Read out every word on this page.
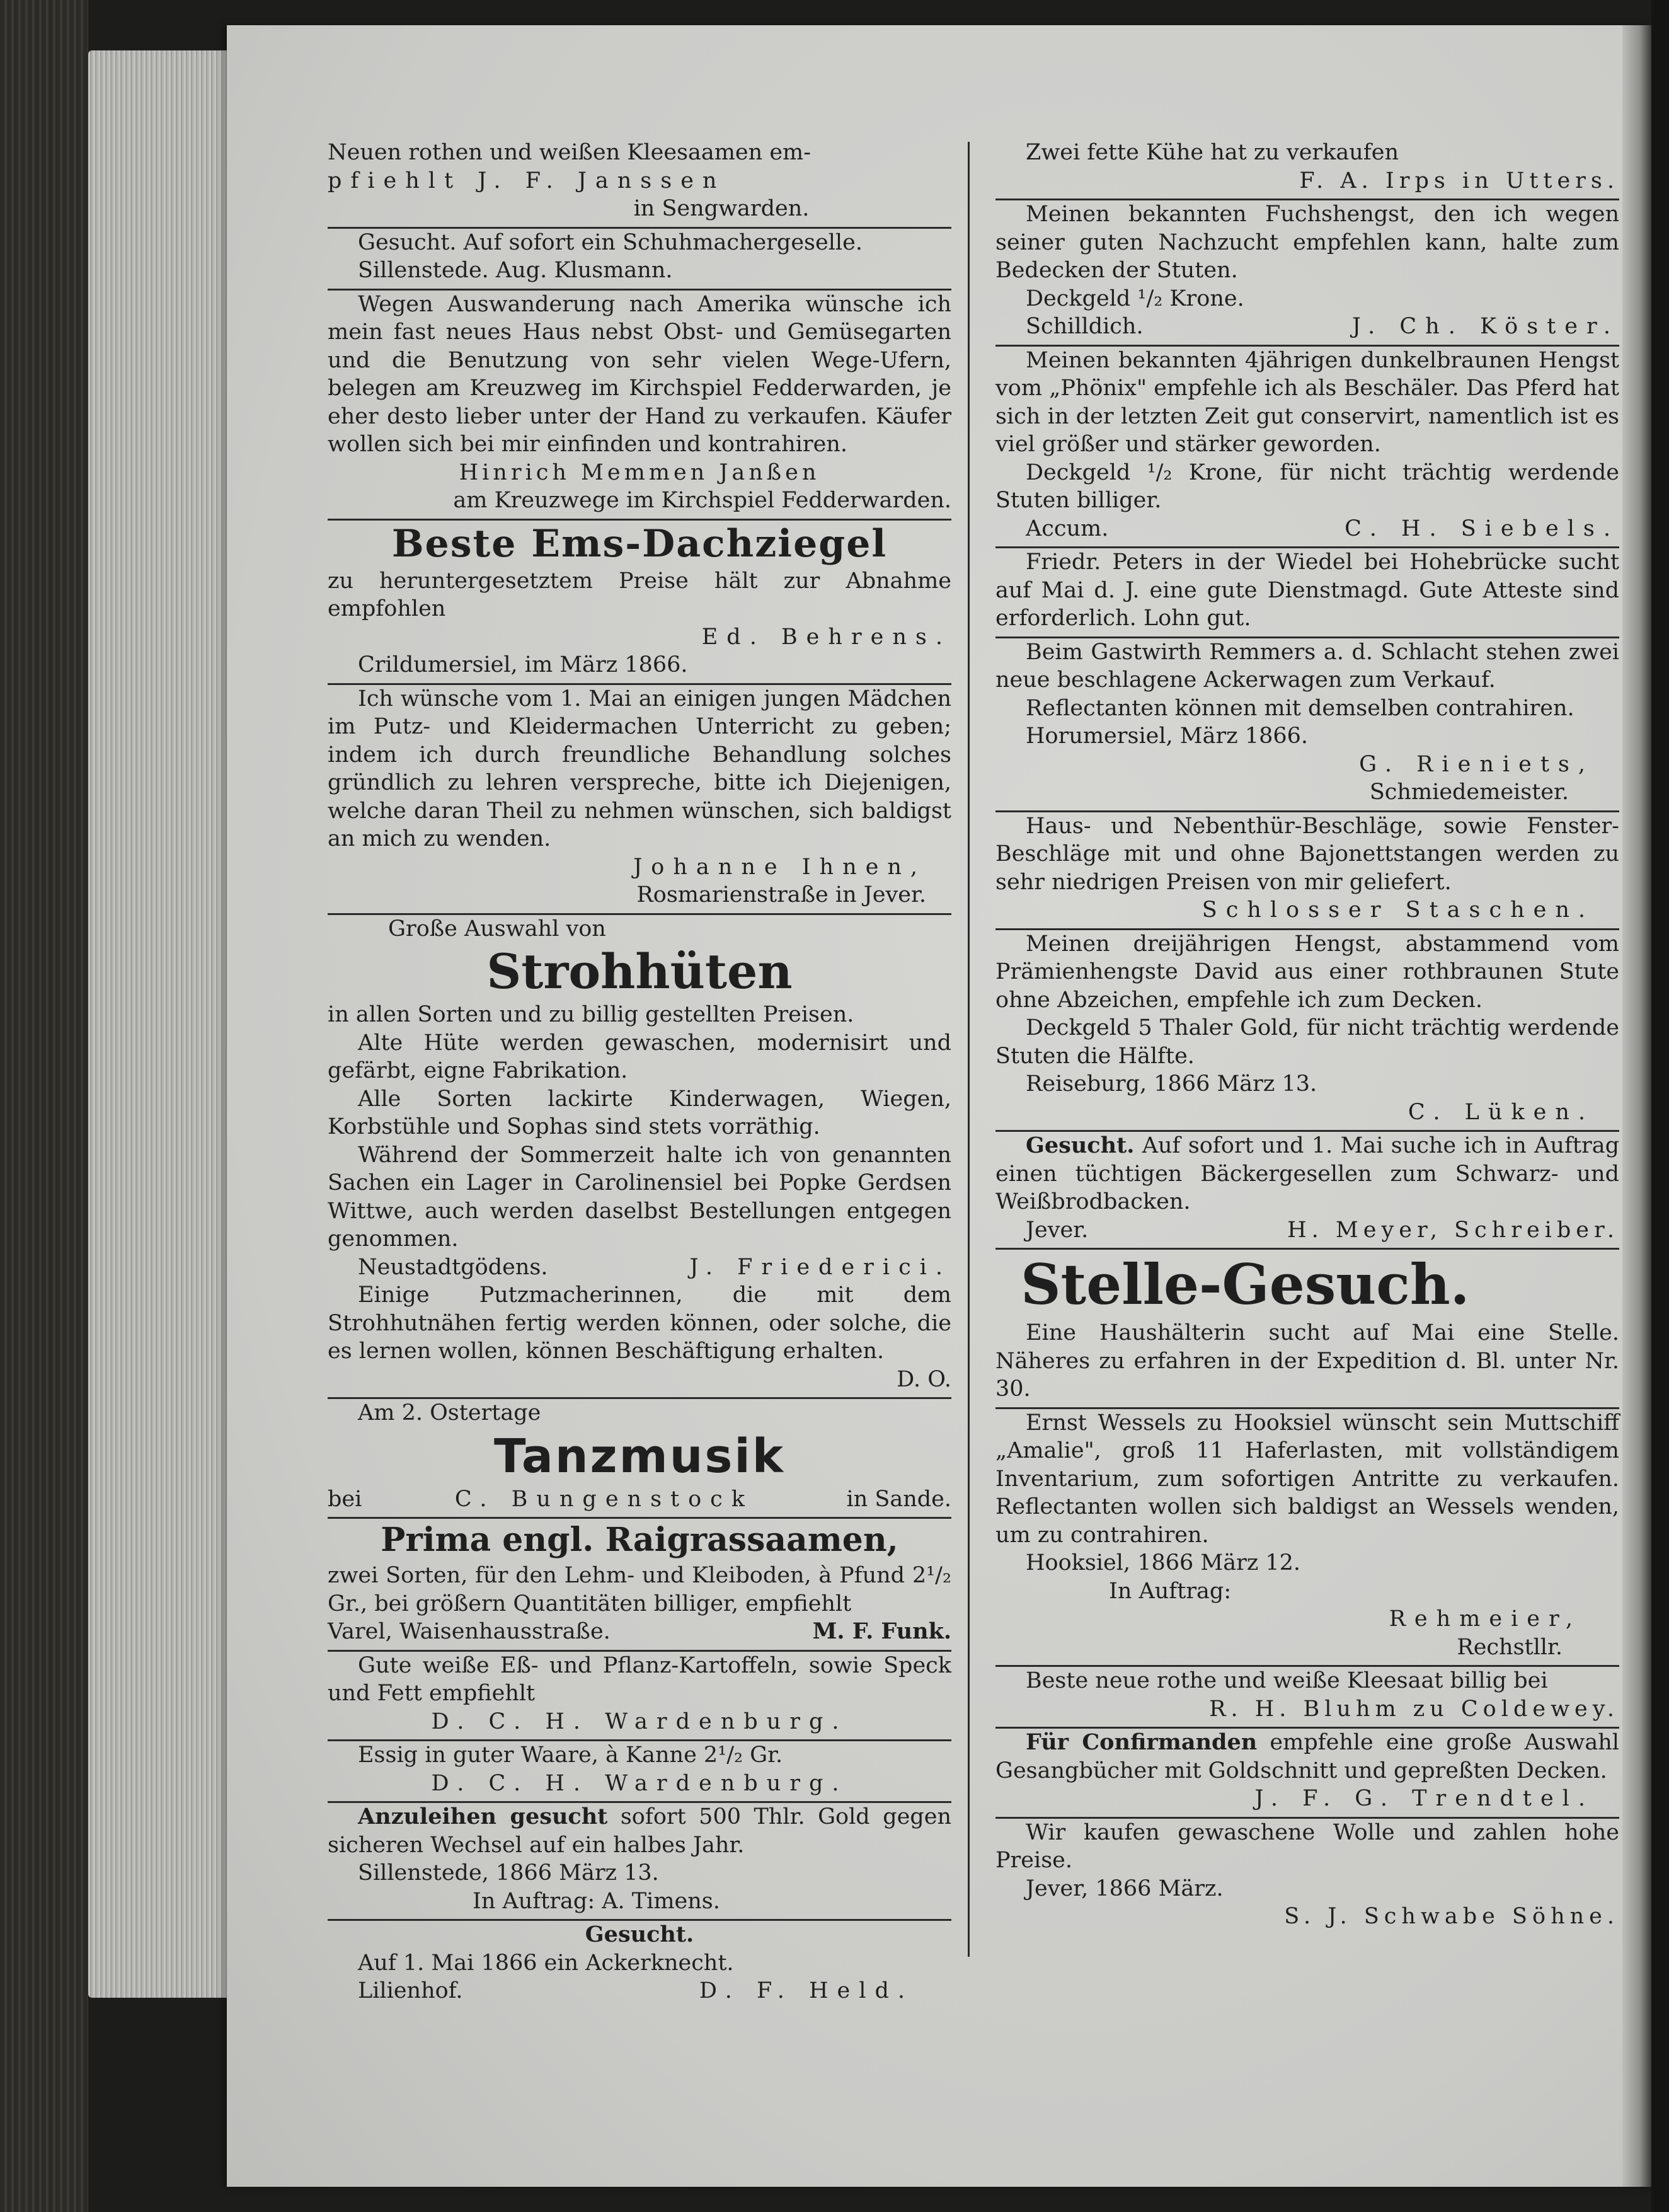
Neuen rothen und weißen Kleesaamen em-

pfiehlt J. F. Janssen

in Sengwarden.

Gesucht. Auf sofort ein Schuhmachergeselle.

Sillenstede. Aug. Klusmann.

Wegen Auswanderung nach Amerika wünsche ich mein fast neues Haus nebst Obst- und Gemüsegarten und die Benutzung von sehr vielen Wege-Ufern, belegen am Kreuzweg im Kirchspiel Fedderwarden, je eher desto lieber unter der Hand zu verkaufen. Käufer wollen sich bei mir einfinden und kontrahiren.

Hinrich Memmen Janßen

am Kreuzwege im Kirchspiel Fedderwarden.

Beste Ems-Dachziegel

zu heruntergesetztem Preise hält zur Abnahme empfohlen

Ed. Behrens.

Crildumersiel, im März 1866.

Ich wünsche vom 1. Mai an einigen jungen Mädchen im Putz- und Kleidermachen Unterricht zu geben; indem ich durch freundliche Behandlung solches gründlich zu lehren verspreche, bitte ich Diejenigen, welche daran Theil zu nehmen wünschen, sich baldigst an mich zu wenden.

Johanne Ihnen,

Rosmarienstraße in Jever.

Große Auswahl von

Strohhüten

in allen Sorten und zu billig gestellten Preisen.

Alte Hüte werden gewaschen, modernisirt und gefärbt, eigne Fabrikation.

Alle Sorten lackirte Kinderwagen, Wiegen, Korbstühle und Sophas sind stets vorräthig.

Während der Sommerzeit halte ich von genannten Sachen ein Lager in Carolinensiel bei Popke Gerdsen Wittwe, auch werden daselbst Bestellungen entgegen genommen.

Neustadtgödens.	J. Friederici.

Einige Putzmacherinnen, die mit dem Strohhutnähen fertig werden können, oder solche, die es lernen wollen, können Beschäftigung erhalten.

D. O.

Am 2. Ostertage

Tanzmusik

bei	C. Bungenstock	in Sande.

Prima engl. Raigrassaamen,

zwei Sorten, für den Lehm- und Kleiboden, à Pfund 2¹/₂ Gr., bei größern Quantitäten billiger, empfiehlt

Varel, Waisenhausstraße.	M. F. Funk.

Gute weiße Eß- und Pflanz-Kartoffeln, sowie Speck und Fett empfiehlt

D. C. H. Wardenburg.

Essig in guter Waare, à Kanne 2¹/₂ Gr.

D. C. H. Wardenburg.

Anzuleihen gesucht sofort 500 Thlr. Gold gegen sicheren Wechsel auf ein halbes Jahr.

Sillenstede, 1866 März 13.

In Auftrag: A. Timens.

Gesucht.

Auf 1. Mai 1866 ein Ackerknecht.

Lilienhof.	D. F. Held.

Zwei fette Kühe hat zu verkaufen

F. A. Irps in Utters.

Meinen bekannten Fuchshengst, den ich wegen seiner guten Nachzucht empfehlen kann, halte zum Bedecken der Stuten.

Deckgeld ¹/₂ Krone.

Schilldich.	J. Ch. Köster.

Meinen bekannten 4jährigen dunkelbraunen Hengst vom „Phönix" empfehle ich als Beschäler. Das Pferd hat sich in der letzten Zeit gut conservirt, namentlich ist es viel größer und stärker geworden.

Deckgeld ¹/₂ Krone, für nicht trächtig werdende Stuten billiger.

Accum.	C. H. Siebels.

Friedr. Peters in der Wiedel bei Hohebrücke sucht auf Mai d. J. eine gute Dienstmagd. Gute Atteste sind erforderlich. Lohn gut.

Beim Gastwirth Remmers a. d. Schlacht stehen zwei neue beschlagene Ackerwagen zum Verkauf.

Reflectanten können mit demselben contrahiren.

Horumersiel, März 1866.

G. Rieniets,

Schmiedemeister.

Haus- und Nebenthür-Beschläge, sowie Fenster-Beschläge mit und ohne Bajonettstangen werden zu sehr niedrigen Preisen von mir geliefert.

Schlosser Staschen.

Meinen dreijährigen Hengst, abstammend vom Prämienhengste David aus einer rothbraunen Stute ohne Abzeichen, empfehle ich zum Decken.

Deckgeld 5 Thaler Gold, für nicht trächtig werdende Stuten die Hälfte.

Reiseburg, 1866 März 13.

C. Lüken.

Gesucht. Auf sofort und 1. Mai suche ich in Auftrag einen tüchtigen Bäckergesellen zum Schwarz- und Weißbrodbacken.

Jever.	H. Meyer, Schreiber.

Stelle-Gesuch.

Eine Haushälterin sucht auf Mai eine Stelle. Näheres zu erfahren in der Expedition d. Bl. unter Nr. 30.

Ernst Wessels zu Hooksiel wünscht sein Muttschiff „Amalie", groß 11 Haferlasten, mit vollständigem Inventarium, zum sofortigen Antritte zu verkaufen. Reflectanten wollen sich baldigst an Wessels wenden, um zu contrahiren.

Hooksiel, 1866 März 12.

In Auftrag:

Rehmeier,

Rechstllr.

Beste neue rothe und weiße Kleesaat billig bei

R. H. Bluhm zu Coldewey.

Für Confirmanden empfehle eine große Auswahl Gesangbücher mit Goldschnitt und gepreßten Decken.

J. F. G. Trendtel.

Wir kaufen gewaschene Wolle und zahlen hohe Preise.

Jever, 1866 März.

S. J. Schwabe Söhne.
